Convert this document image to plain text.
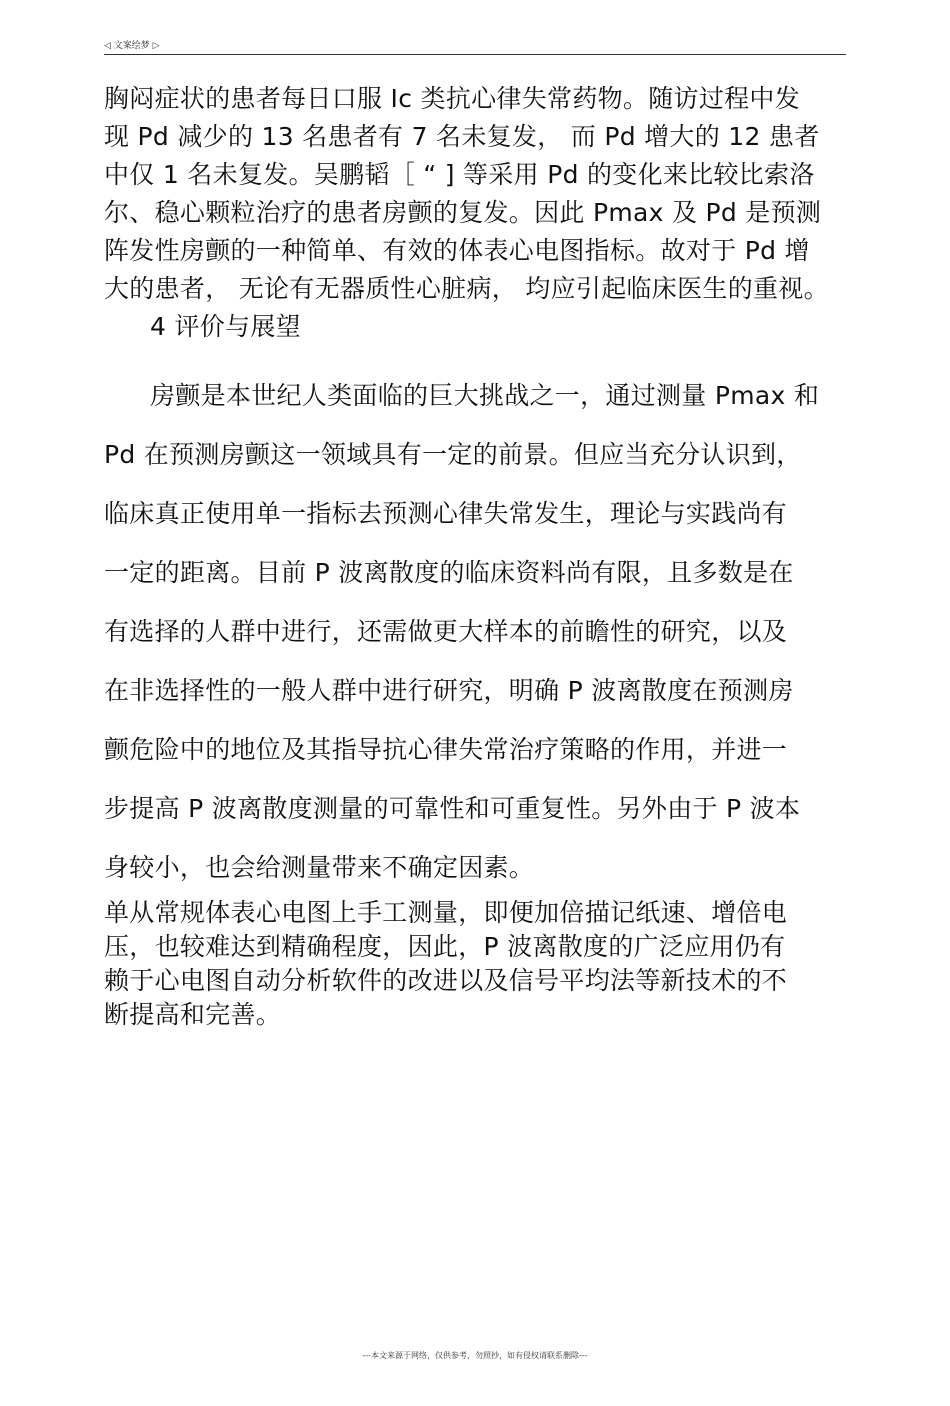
◁ 文案绘梦 ▷

胸闷症状的患者每日口服 Ic 类抗心律失常药物。随访过程中发
现 Pd 减少的 13 名患者有 7 名未复发， 而 Pd 增大的 12 患者
中仅 1 名未复发。吴鹏韬［ “ ] 等采用 Pd 的变化来比较比索洛
尔、稳心颗粒治疗的患者房颤的复发。因此 Pmax 及 Pd 是预测
阵发性房颤的一种简单、有效的体表心电图指标。故对于 Pd 增
大的患者， 无论有无器质性心脏病， 均应引起临床医生的重视。

4 评价与展望

房颤是本世纪人类面临的巨大挑战之一，通过测量 Pmax 和
Pd 在预测房颤这一领域具有一定的前景。但应当充分认识到，
临床真正使用单一指标去预测心律失常发生，理论与实践尚有
一定的距离。目前 P 波离散度的临床资料尚有限，且多数是在
有选择的人群中进行，还需做更大样本的前瞻性的研究，以及
在非选择性的一般人群中进行研究，明确 P 波离散度在预测房
颤危险中的地位及其指导抗心律失常治疗策略的作用，并进一
步提高 P 波离散度测量的可靠性和可重复性。另外由于 P 波本
身较小，也会给测量带来不确定因素。

单从常规体表心电图上手工测量，即便加倍描记纸速、增倍电
压，也较难达到精确程度，因此，P 波离散度的广泛应用仍有
赖于心电图自动分析软件的改进以及信号平均法等新技术的不
断提高和完善。

---本文来源于网络，仅供参考，勿照抄，如有侵权请联系删除---
